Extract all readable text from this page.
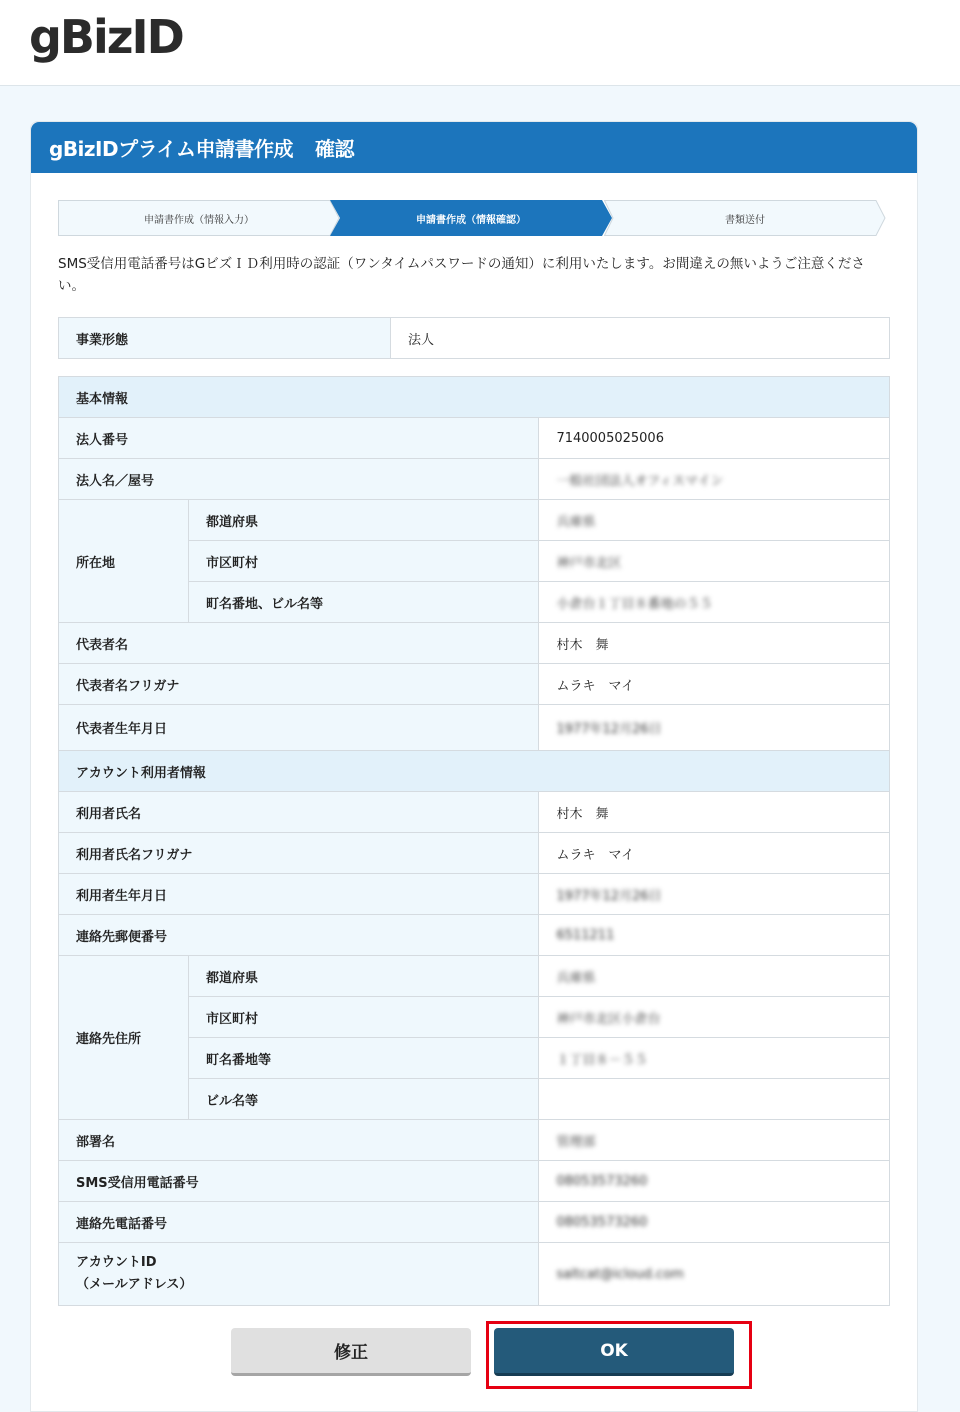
gBizID
gBizIDプライム申請書作成 確認
申請書作成（情報入力）	書類送付
申請書作成（情報確認）
SMS受信用電話番号はGビズＩＤ利用時の認証（ワンタイムパスワードの通知）に利用いたします。お間違えの無いようご注意ください。
事業形態	法人
基本情報		
法人番号		7140005025006
法人名／屋号		一般社団法人オフィスマイン
所在地	都道府県	兵庫県
	市区町村	神戸市北区
	町名番地、ビル名等	小倉台１丁目８番地の５５
代表者名		村木　舞
代表者名フリガナ		ムラキ　マイ
代表者生年月日		1977年12月26日
アカウント利用者情報		
利用者氏名		村木　舞
利用者氏名フリガナ		ムラキ　マイ
利用者生年月日		1977年12月26日
連絡先郵便番号		6511211
連絡先住所	都道府県	兵庫県
	市区町村	神戸市北区小倉台
	町名番地等	１丁目８－５５
	ビル名等	
部署名		管理部
SMS受信用電話番号		08053573260
連絡先電話番号		08053573260

アカウントID
（メールアドレス）		saltcat@icloud.com
修正	OK
